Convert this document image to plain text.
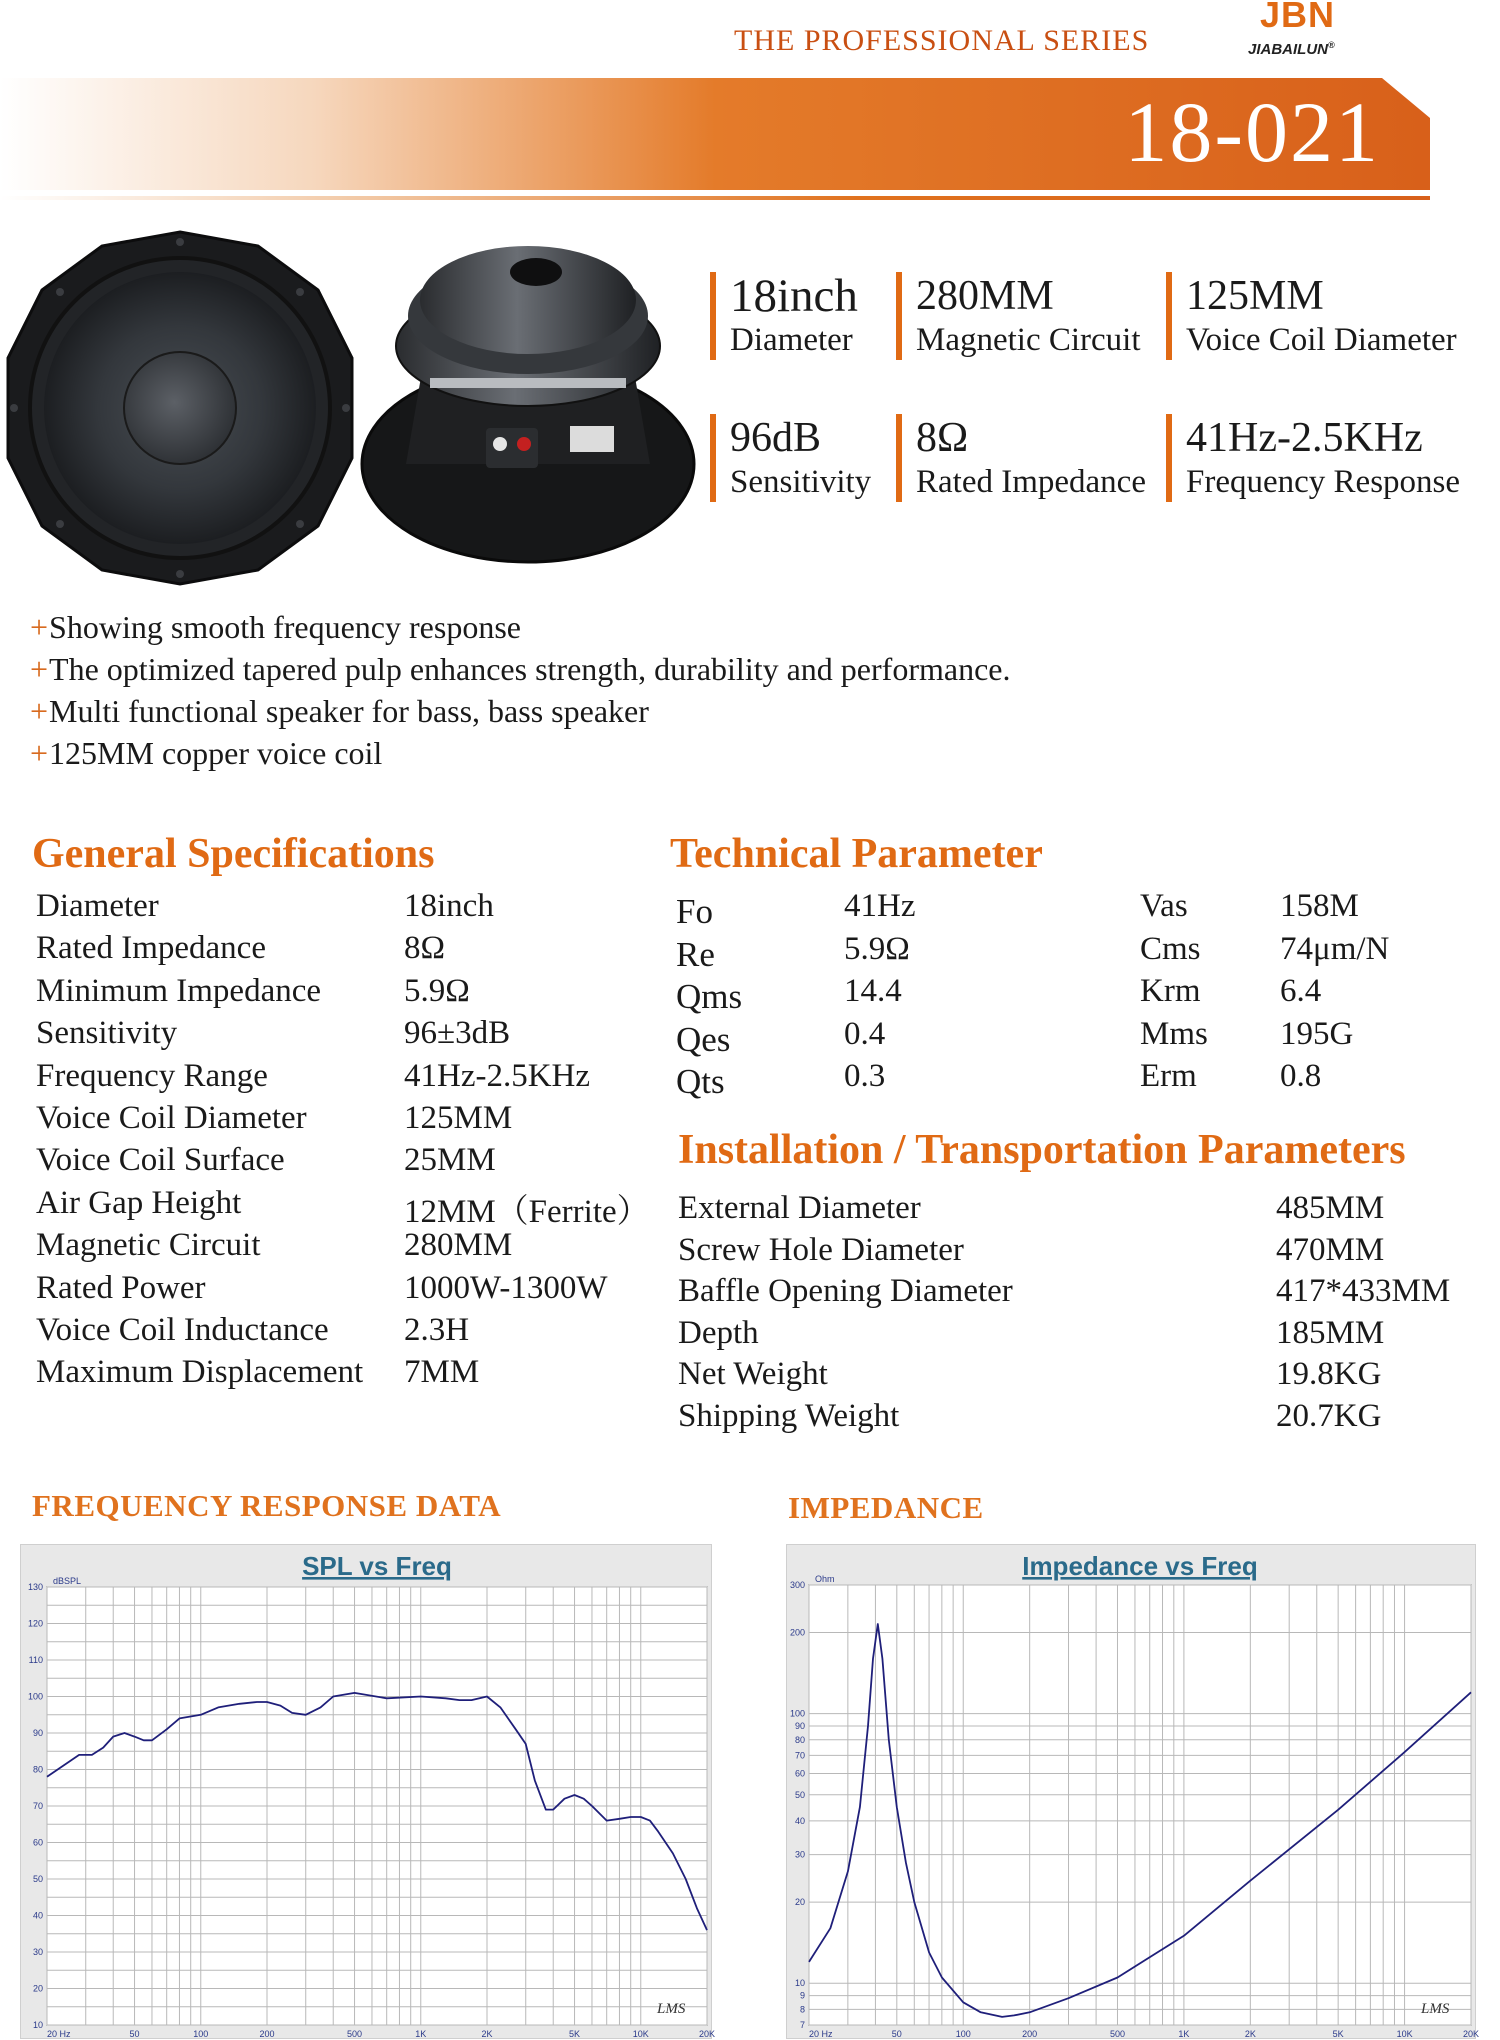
THE PROFESSIONAL SERIES
JBN
JIABAILUN®
18-021
18inch
Diameter
280MM
Magnetic Circuit
125MM
Voice Coil Diameter
96dB
Sensitivity
8Ω
Rated Impedance
41Hz-2.5KHz
Frequency Response
+Showing smooth frequency response
+The optimized tapered pulp enhances strength, durability and performance.
+Multi functional speaker for bass, bass speaker
+125MM copper voice coil
General Specifications	Technical Parameter
Installation / Transportation Parameters
Diameter	18inch
Rated Impedance	8Ω
Minimum Impedance	5.9Ω
Sensitivity	96±3dB
Frequency Range	41Hz-2.5KHz
Voice Coil Diameter	125MM
Voice Coil Surface	25MM
Air Gap Height	12MM（Ferrite）
Magnetic Circuit	280MM
Rated Power	1000W-1300W
Voice Coil Inductance 2.3H
Maximum Displacement 7MM
Fo	41Hz	Vas	158M
Re	5.9Ω	Cms 74μm/N
Qms	14.4	Krm 6.4
Qes	0.4	Mms 195G
Qts	0.3	Erm	0.8
External Diameter	485MM
Screw Hole Diameter	470MM
Baffle Opening Diameter	417*433MM
Depth	185MM
Net Weight	19.8KG
Shipping Weight	20.7KG
FREQUENCY RESPONSE DATA	IMPEDANCE
10
20
30
40
50
60
70
80
90
100
110
120
130
20 Hz	50	100	200	500	1K	2K	5K	10K	20K
dBSPL	SPL vs Freq
LMS
7
8
9
10
20
30
40
50
60
70
80
90
100
200
300
20 Hz	50	100	200	500	1K	2K	5K	10K	20K
Ohm	Impedance vs Freq
LMS
